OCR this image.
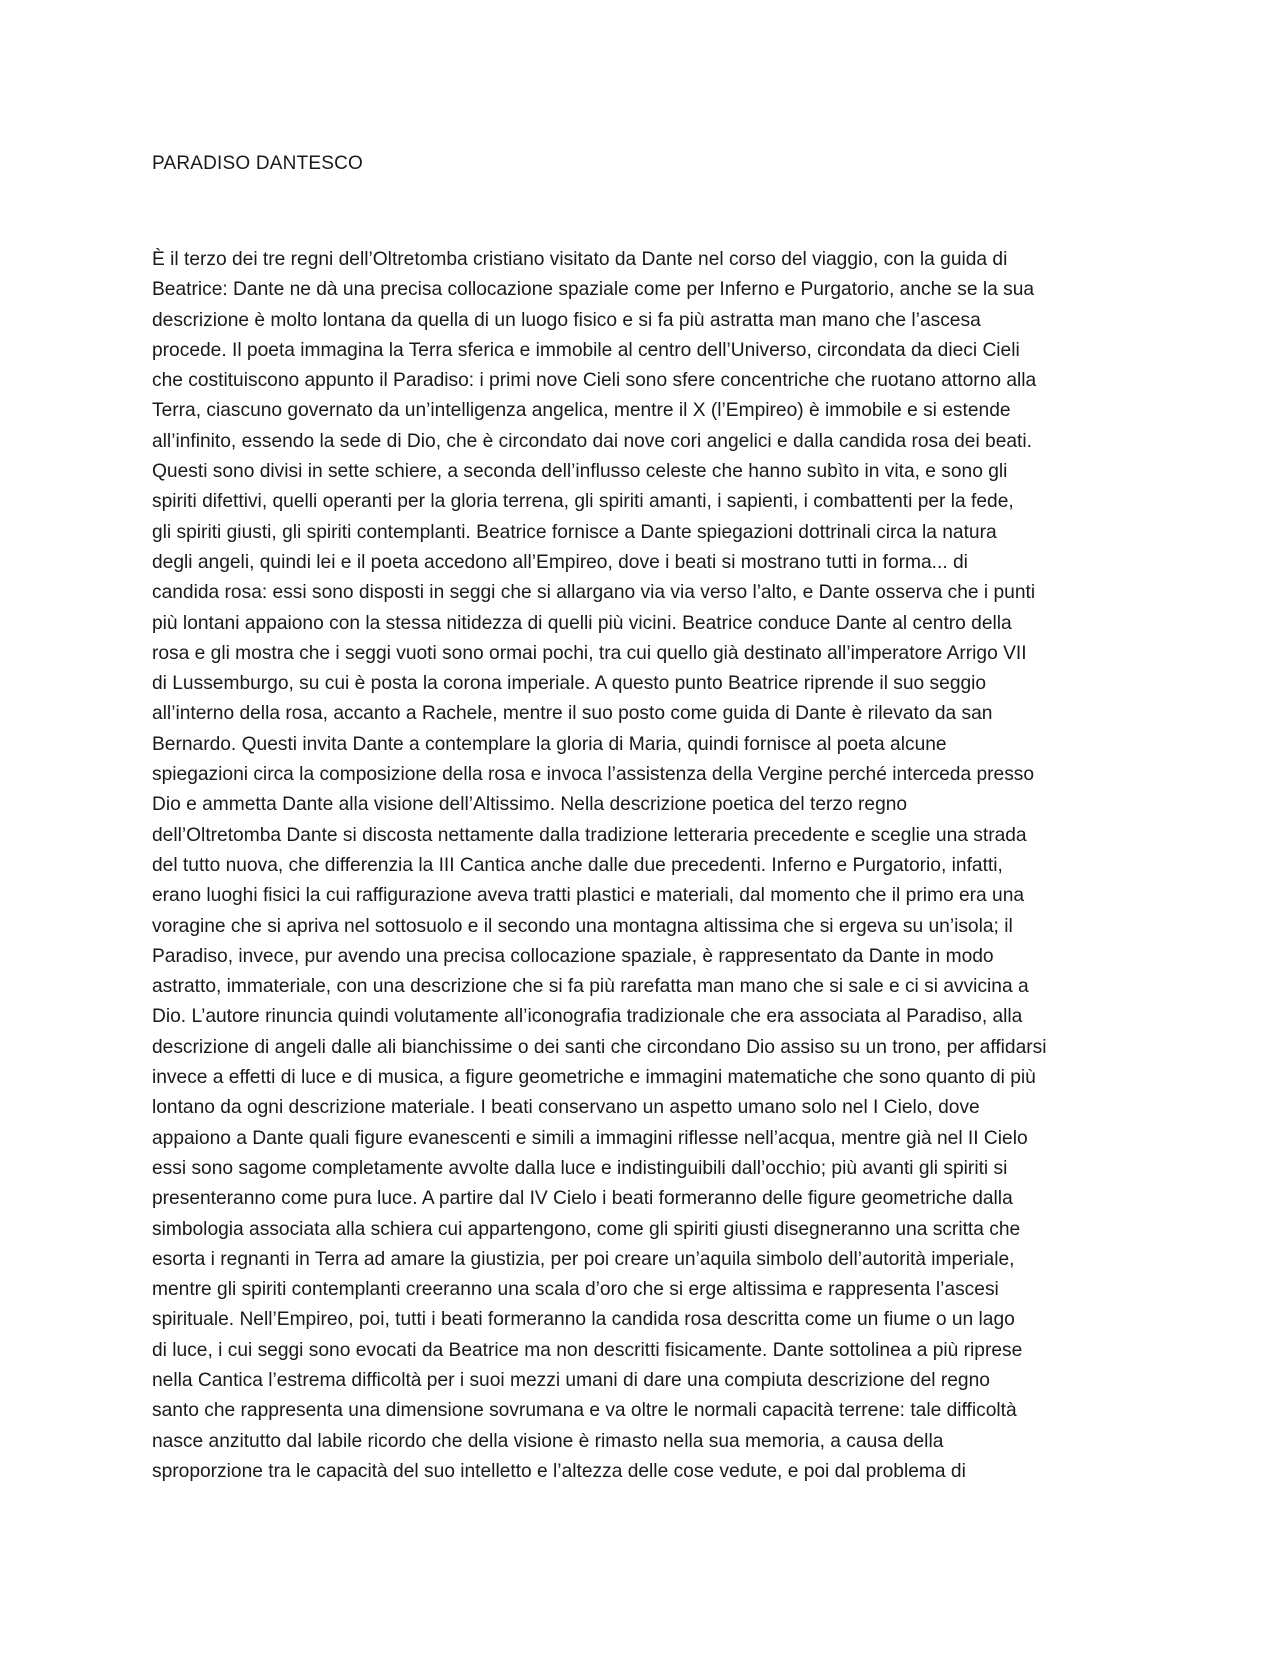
PARADISO DANTESCO
È il terzo dei tre regni dell’Oltretomba cristiano visitato da Dante nel corso del viaggio, con la guida di
Beatrice: Dante ne dà una precisa collocazione spaziale come per Inferno e Purgatorio, anche se la sua
descrizione è molto lontana da quella di un luogo fisico e si fa più astratta man mano che l’ascesa
procede. Il poeta immagina la Terra sferica e immobile al centro dell’Universo, circondata da dieci Cieli
che costituiscono appunto il Paradiso: i primi nove Cieli sono sfere concentriche che ruotano attorno alla
Terra, ciascuno governato da un’intelligenza angelica, mentre il X (l’Empireo) è immobile e si estende
all’infinito, essendo la sede di Dio, che è circondato dai nove cori angelici e dalla candida rosa dei beati.
Questi sono divisi in sette schiere, a seconda dell’influsso celeste che hanno subìto in vita, e sono gli
spiriti difettivi, quelli operanti per la gloria terrena, gli spiriti amanti, i sapienti, i combattenti per la fede,
gli spiriti giusti, gli spiriti contemplanti. Beatrice fornisce a Dante spiegazioni dottrinali circa la natura
degli angeli, quindi lei e il poeta accedono all’Empireo, dove i beati si mostrano tutti in forma... di
candida rosa: essi sono disposti in seggi che si allargano via via verso l’alto, e Dante osserva che i punti
più lontani appaiono con la stessa nitidezza di quelli più vicini. Beatrice conduce Dante al centro della
rosa e gli mostra che i seggi vuoti sono ormai pochi, tra cui quello già destinato all’imperatore Arrigo VII
di Lussemburgo, su cui è posta la corona imperiale. A questo punto Beatrice riprende il suo seggio
all’interno della rosa, accanto a Rachele, mentre il suo posto come guida di Dante è rilevato da san
Bernardo. Questi invita Dante a contemplare la gloria di Maria, quindi fornisce al poeta alcune
spiegazioni circa la composizione della rosa e invoca l’assistenza della Vergine perché interceda presso
Dio e ammetta Dante alla visione dell’Altissimo. Nella descrizione poetica del terzo regno
dell’Oltretomba Dante si discosta nettamente dalla tradizione letteraria precedente e sceglie una strada
del tutto nuova, che differenzia la III Cantica anche dalle due precedenti. Inferno e Purgatorio, infatti,
erano luoghi fisici la cui raffigurazione aveva tratti plastici e materiali, dal momento che il primo era una
voragine che si apriva nel sottosuolo e il secondo una montagna altissima che si ergeva su un’isola; il
Paradiso, invece, pur avendo una precisa collocazione spaziale, è rappresentato da Dante in modo
astratto, immateriale, con una descrizione che si fa più rarefatta man mano che si sale e ci si avvicina a
Dio. L’autore rinuncia quindi volutamente all’iconografia tradizionale che era associata al Paradiso, alla
descrizione di angeli dalle ali bianchissime o dei santi che circondano Dio assiso su un trono, per affidarsi
invece a effetti di luce e di musica, a figure geometriche e immagini matematiche che sono quanto di più
lontano da ogni descrizione materiale. I beati conservano un aspetto umano solo nel I Cielo, dove
appaiono a Dante quali figure evanescenti e simili a immagini riflesse nell’acqua, mentre già nel II Cielo
essi sono sagome completamente avvolte dalla luce e indistinguibili dall’occhio; più avanti gli spiriti si
presenteranno come pura luce. A partire dal IV Cielo i beati formeranno delle figure geometriche dalla
simbologia associata alla schiera cui appartengono, come gli spiriti giusti disegneranno una scritta che
esorta i regnanti in Terra ad amare la giustizia, per poi creare un’aquila simbolo dell’autorità imperiale,
mentre gli spiriti contemplanti creeranno una scala d’oro che si erge altissima e rappresenta l’ascesi
spirituale. Nell’Empireo, poi, tutti i beati formeranno la candida rosa descritta come un fiume o un lago
di luce, i cui seggi sono evocati da Beatrice ma non descritti fisicamente. Dante sottolinea a più riprese
nella Cantica l’estrema difficoltà per i suoi mezzi umani di dare una compiuta descrizione del regno
santo che rappresenta una dimensione sovrumana e va oltre le normali capacità terrene: tale difficoltà
nasce anzitutto dal labile ricordo che della visione è rimasto nella sua memoria, a causa della
sproporzione tra le capacità del suo intelletto e l’altezza delle cose vedute, e poi dal problema di
